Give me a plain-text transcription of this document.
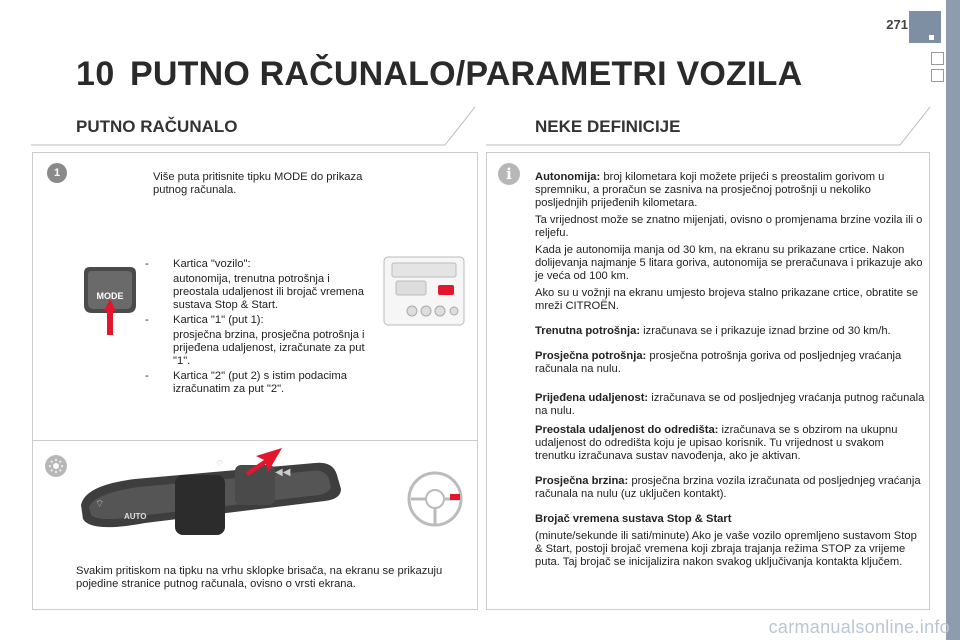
271
10 PUTNO RAČUNALO/PARAMETRI VOZILA
PUTNO RAČUNALO	NEKE DEFINICIJE
1	Više puta pritisnite tipku MODE do prikaza putnog računala.
- Kartica "vozilo":
autonomija, trenutna potrošnja i preostala udaljenost ili brojač vremena sustava Stop & Start.
- Kartica "1" (put 1):
prosječna brzina, prosječna potrošnja i prijeđena udaljenost, izračunate za put "1".
- Kartica "2" (put 2) s istim podacima izračunatim za put "2".
MODE
⌔
⌔
◀◀
AUTO
Svakim pritiskom na tipku na vrhu sklopke brisača, na ekranu se prikazuju pojedine stranice putnog računala, ovisno o vrsti ekrana.
i	Autonomija: broj kilometara koji možete prijeći s preostalim gorivom u spremniku, a proračun se zasniva na prosječnoj potrošnji u nekoliko posljednjih prijeđenih kilometara.

Ta vrijednost može se znatno mijenjati, ovisno o promjenama brzine vozila ili o reljefu.

Kada je autonomija manja od 30 km, na ekranu su prikazane crtice. Nakon dolijevanja najmanje 5 litara goriva, autonomija se preračunava i prikazuje ako je veća od 100 km.

Ako su u vožnji na ekranu umjesto brojeva stalno prikazane crtice, obratite se mreži CITROËN.

Trenutna potrošnja: izračunava se i prikazuje iznad brzine od 30 km/h.

Prosječna potrošnja: prosječna potrošnja goriva od posljednjeg vraćanja računala na nulu.

Prijeđena udaljenost: izračunava se od posljednjeg vraćanja putnog računala na nulu.

Preostala udaljenost do odredišta: izračunava se s obzirom na ukupnu udaljenost do odredišta koju je upisao korisnik. Tu vrijednost u svakom trenutku izračunava sustav navođenja, ako je aktivan.

Prosječna brzina: prosječna brzina vozila izračunata od posljednjeg vraćanja računala na nulu (uz uključen kontakt).

Brojač vremena sustava Stop & Start

(minute/sekunde ili sati/minute) Ako je vaše vozilo opremljeno sustavom Stop & Start, postoji brojač vremena koji zbraja trajanja režima STOP za vrijeme puta. Taj brojač se inicijalizira nakon svakog uključivanja kontakta ključem.

carmanualsonline.info
